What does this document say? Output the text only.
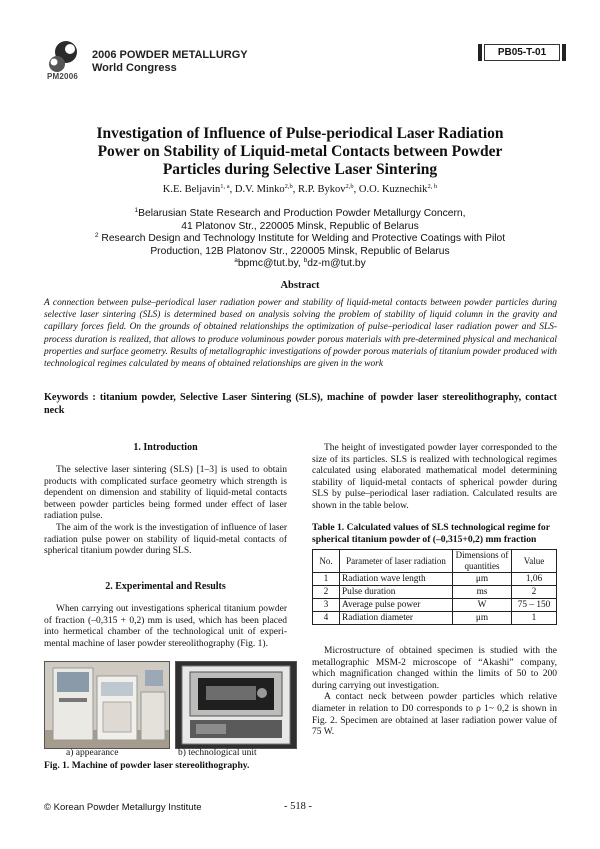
2006 POWDER METALLURGY
World Congress
PM2006
PB05-T-01
Investigation of Influence of Pulse-periodical Laser Radiation
Power on Stability of Liquid-metal Contacts between Powder
Particles during Selective Laser Sintering
K.E. Beljavin$^{1, a}$, D.V. Minko$^{2,b}$, R.P. Bykov$^{2,b}$, O.O. Kuznechik$^{2, b}$
$^1$Belarusian State Research and Production Powder Metallurgy Concern,
41 Platonov Str., 220005 Minsk, Republic of Belarus
$^2$ Research Design and Technology Institute for Welding and Protective Coatings with Pilot
Production, 12B Platonov Str., 220005 Minsk, Republic of Belarus
$^a$bpmc@tut.by, $^b$dz-m@tut.by
Abstract
A connection between pulse–periodical laser radiation power and stability of liquid-metal contacts between powder particles during selective laser sintering (SLS) is determined based on analysis solving the problem of stability of liquid column in the gravity and capillary forces field. On the grounds of obtained relationships the optimization of pulse–periodical laser radiation power and SLS-process duration is realized, that allows to produce voluminous powder porous materials with pre-determined physical and mechanical properties and surface geometry. Results of metallographic investigations of powder porous materials of titanium powder produced with technological regimes calculated by means of obtained relationships are given in the work
Keywords : titanium powder, Selective Laser Sintering (SLS), machine of powder laser stereolithography, contact neck
1. Introduction

The selective laser sintering (SLS) [1–3] is used to obtain products with complicated surface geometry which strength is dependent on dimension and stability of liquid-metal contacts between powder particles being formed under effect of laser radiation pulse.

The aim of the work is the investigation of influence of laser radiation pulse power on stability of liquid-metal contacts of spherical titanium powder during SLS.

2. Experimental and Results

When carrying out investigations spherical titanium powder of fraction (–0,315 + 0,2) mm is used, which has been placed into hermetical chamber of the technological unit of experi-mental machine of laser powder stereolithography (Fig. 1).

a) appearance	b) technological unit
Fig. 1. Machine of powder laser stereolithography.

The height of investigated powder layer corresponded to the size of its particles. SLS is realized with technological regimes calculated using elaborated mathematical model determining stability of liquid-metal contacts of spherical powder during SLS by pulse–periodical laser radiation. Calculated results are shown in the table below.

Table 1. Calculated values of SLS technological regime for spherical titanium powder of (–0,315+0,2) mm fraction
No.	Parameter of laser radiation	Dimensions of quantities	Value
1	Radiation wave length	μm	1,06
2	Pulse duration	ms	2
3	Average pulse power	W	75 – 150
4	Radiation diameter	μm	1

Microstructure of obtained specimen is studied with the metallographic MSM-2 microscope of “Akashi” company, which magnification changed within the limits of 50 to 200 during carrying out investigation.

A contact neck between powder particles which relative diameter in relation to D0 corresponds to ρ 1~ 0,2 is shown in Fig. 2. Specimen are obtained at laser radiation power value of 75 W.

© Korean Powder Metallurgy Institute	- 518 -
